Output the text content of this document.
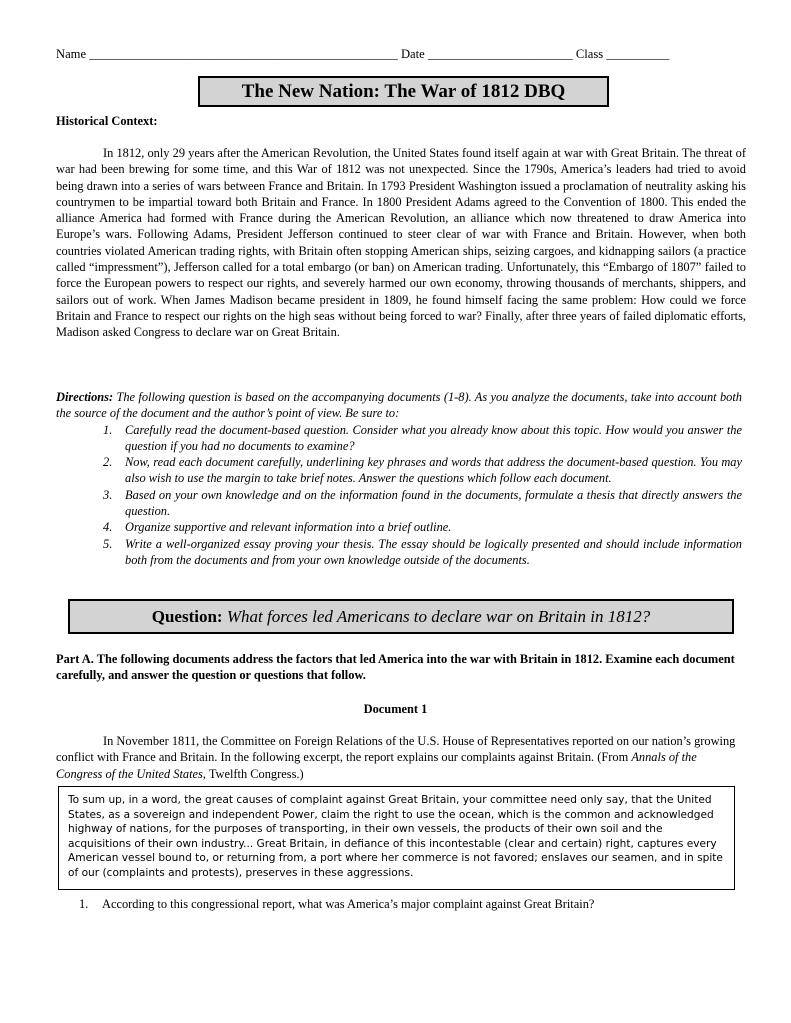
Name _________________________________________________ Date _______________________ Class __________
The New Nation: The War of 1812 DBQ
Historical Context:

In 1812, only 29 years after the American Revolution, the United States found itself again at war with Great Britain. The threat of war had been brewing for some time, and this War of 1812 was not unexpected. Since the 1790s, America’s leaders had tried to avoid being drawn into a series of wars between France and Britain. In 1793 President Washington issued a proclamation of neutrality asking his countrymen to be impartial toward both Britain and France. In 1800 President Adams agreed to the Convention of 1800. This ended the alliance America had formed with France during the American Revolution, an alliance which now threatened to draw America into Europe’s wars. Following Adams, President Jefferson continued to steer clear of war with France and Britain. However, when both countries violated American trading rights, with Britain often stopping American ships, seizing cargoes, and kidnapping sailors (a practice called “impressment”), Jefferson called for a total embargo (or ban) on American trading. Unfortunately, this “Embargo of 1807” failed to force the European powers to respect our rights, and severely harmed our own economy, throwing thousands of merchants, shippers, and sailors out of work. When James Madison became president in 1809, he found himself facing the same problem: How could we force Britain and France to respect our rights on the high seas without being forced to war? Finally, after three years of failed diplomatic efforts, Madison asked Congress to declare war on Great Britain.

Directions: The following question is based on the accompanying documents (1-8). As you analyze the documents, take into account both the source of the document and the author’s point of view. Be sure to:

1. Carefully read the document-based question. Consider what you already know about this topic. How would you answer the question if you had no documents to examine?
2. Now, read each document carefully, underlining key phrases and words that address the document-based question. You may also wish to use the margin to take brief notes. Answer the questions which follow each document.
3. Based on your own knowledge and on the information found in the documents, formulate a thesis that directly answers the question.
4. Organize supportive and relevant information into a brief outline.
5. Write a well-organized essay proving your thesis. The essay should be logically presented and should include information both from the documents and from your own knowledge outside of the documents.
Question: What forces led Americans to declare war on Britain in 1812?
Part A. The following documents address the factors that led America into the war with Britain in 1812. Examine each document carefully, and answer the question or questions that follow.
Document 1

In November 1811, the Committee on Foreign Relations of the U.S. House of Representatives reported on our nation’s growing conflict with France and Britain. In the following excerpt, the report explains our complaints against Britain. (From Annals of the Congress of the United States, Twelfth Congress.)

To sum up, in a word, the great causes of complaint against Great Britain, your committee need only say, that the United States, as a sovereign and independent Power, claim the right to use the ocean, which is the common and acknowledged highway of nations, for the purposes of transporting, in their own vessels, the products of their own soil and the acquisitions of their own industry... Great Britain, in defiance of this incontestable (clear and certain) right, captures every American vessel bound to, or returning from, a port where her commerce is not favored; enslaves our seamen, and in spite of our (complaints and protests), preserves in these aggressions.
1. According to this congressional report, what was America’s major complaint against Great Britain?
